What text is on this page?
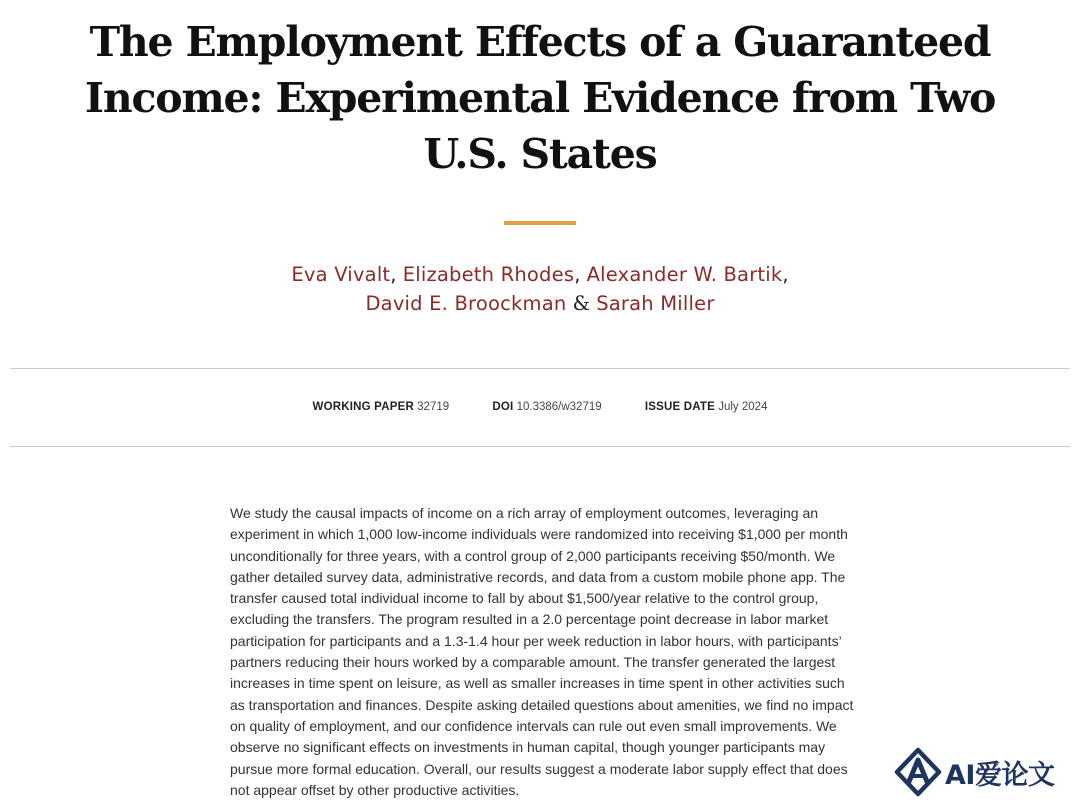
The Employment Effects of a Guaranteed Income: Experimental Evidence from Two U.S. States
Eva Vivalt, Elizabeth Rhodes, Alexander W. Bartik,
David E. Broockman & Sarah Miller
WORKING PAPER 32719	DOI 10.3386/w32719	ISSUE DATE July 2024

We study the causal impacts of income on a rich array of employment outcomes, leveraging an experiment in which 1,000 low-income individuals were randomized into receiving $1,000 per month unconditionally for three years, with a control group of 2,000 participants receiving $50/month. We gather detailed survey data, administrative records, and data from a custom mobile phone app. The transfer caused total individual income to fall by about $1,500/year relative to the control group, excluding the transfers. The program resulted in a 2.0 percentage point decrease in labor market participation for participants and a 1.3-1.4 hour per week reduction in labor hours, with participants’ partners reducing their hours worked by a comparable amount. The transfer generated the largest increases in time spent on leisure, as well as smaller increases in time spent in other activities such as transportation and finances. Despite asking detailed questions about amenities, we find no impact on quality of employment, and our confidence intervals can rule out even small improvements. We observe no significant effects on investments in human capital, though younger participants may pursue more formal education. Overall, our results suggest a moderate labor supply effect that does not appear offset by other productive activities.	AI爱论文
